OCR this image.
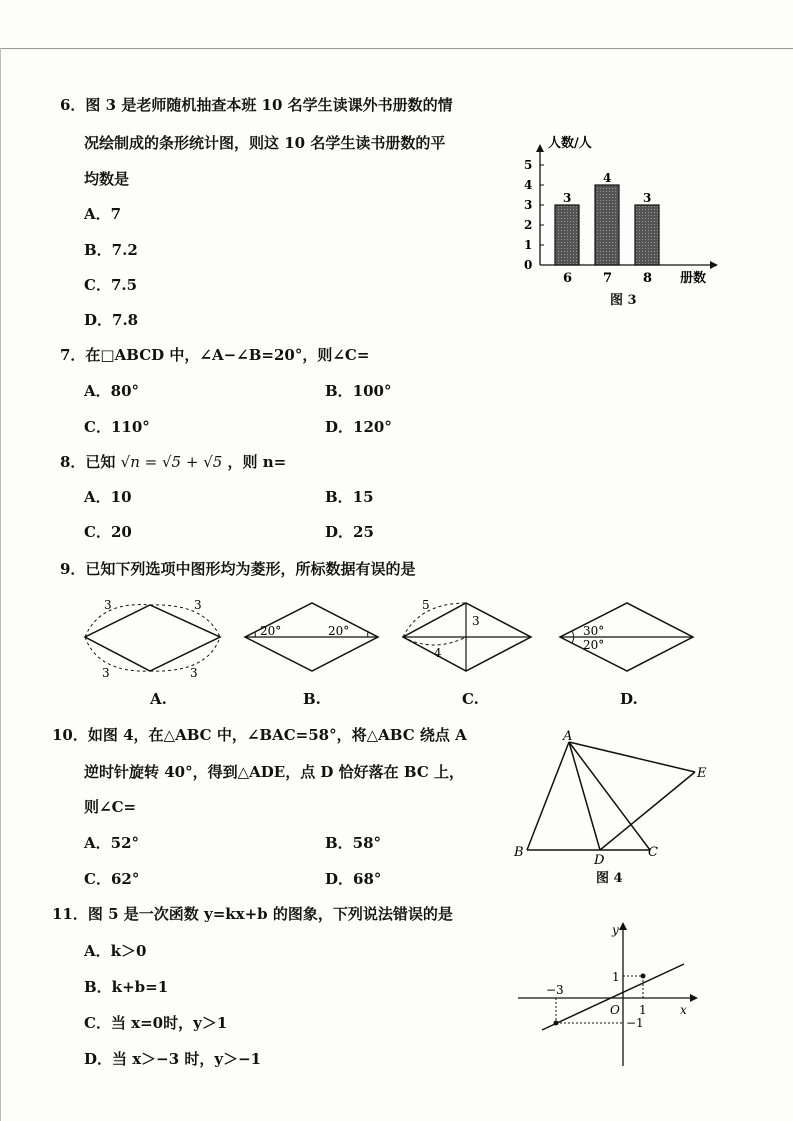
6．图 3 是老师随机抽查本班 10 名学生读课外书册数的情
况绘制成的条形统计图，则这 10 名学生读书册数的平
均数是
A．7
B．7.2
C．7.5
D．7.8
人数/人
册数
0
1
2
3
4
5
3
6
4
7
3
8
图 3
7．在□ABCD 中，∠A−∠B=20°，则∠C=
A．80°	B．100°
C．110°	D．120°
8．已知 √n = √5 + √5 ，则 n=
A．10	B．15
C．20	D．25
9．已知下列选项中图形均为菱形，所标数据有误的是
3	3
3	3
20°	20°
5
3
4
30°
20°
A.	B.	C.	D.
10．如图 4，在△ABC 中，∠BAC=58°，将△ABC 绕点 A
逆时针旋转 40°，得到△ADE，点 D 恰好落在 BC 上，
则∠C=
A．52°	B．58°
C．62°	D．68°
A
B	C
D
E
图 4
11．图 5 是一次函数 y=kx+b 的图象，下列说法错误的是
A．k＞0
B．k+b=1
C．当 x=0时，y＞1
D．当 x＞−3 时，y＞−1
y
x
O
−3
1
1
−1
